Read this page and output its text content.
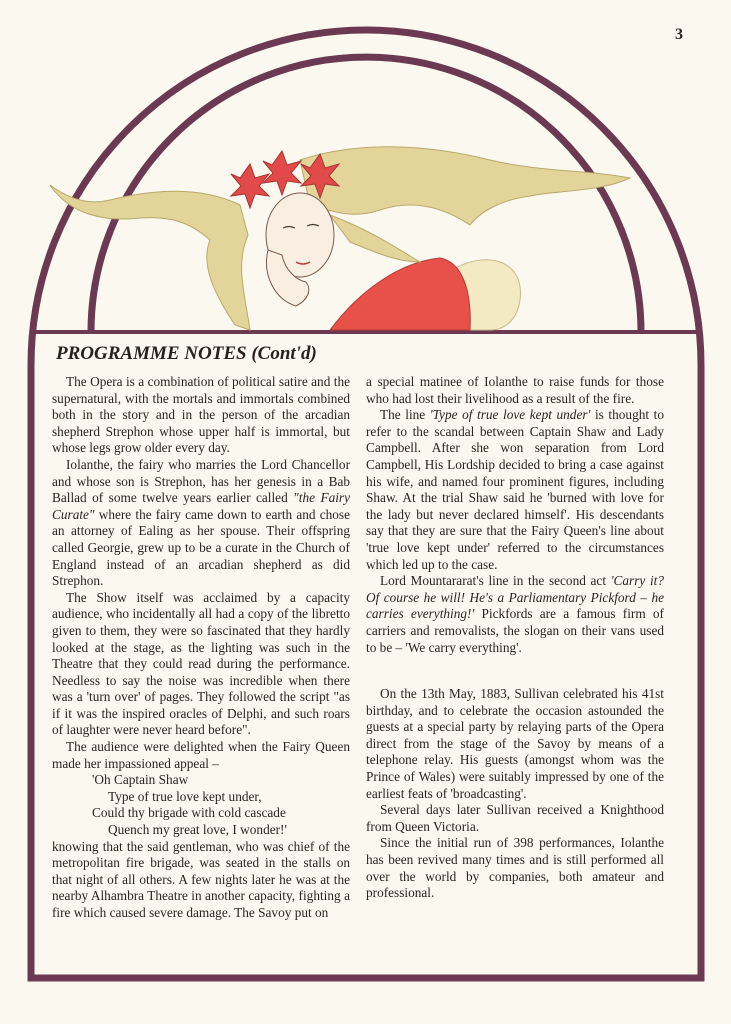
3
PROGRAMME NOTES (Cont'd)

The Opera is a combination of political satire and the supernatural, with the mortals and immortals combined both in the story and in the person of the arcadian shepherd Strephon whose upper half is immortal, but whose legs grow older every day.

Iolanthe, the fairy who marries the Lord Chancellor and whose son is Strephon, has her genesis in a Bab Ballad of some twelve years earlier called "the Fairy Curate" where the fairy came down to earth and chose an attorney of Ealing as her spouse. Their offspring called Georgie, grew up to be a curate in the Church of England instead of an arcadian shepherd as did Strephon.

The Show itself was acclaimed by a capacity audience, who incidentally all had a copy of the libretto given to them, they were so fascinated that they hardly looked at the stage, as the lighting was such in the Theatre that they could read during the performance. Needless to say the noise was incredible when there was a 'turn over' of pages. They followed the script "as if it was the inspired oracles of Delphi, and such roars of laughter were never heard before".

The audience were delighted when the Fairy Queen made her impassioned appeal –

'Oh Captain Shaw
Type of true love kept under,
Could thy brigade with cold cascade
Quench my great love, I wonder!'

knowing that the said gentleman, who was chief of the metropolitan fire brigade, was seated in the stalls on that night of all others. A few nights later he was at the nearby Alhambra Theatre in another capacity, fighting a fire which caused severe damage. The Savoy put on

a special matinee of Iolanthe to raise funds for those who had lost their livelihood as a result of the fire.

The line 'Type of true love kept under' is thought to refer to the scandal between Captain Shaw and Lady Campbell. After she won separation from Lord Campbell, His Lordship decided to bring a case against his wife, and named four prominent figures, including Shaw. At the trial Shaw said he 'burned with love for the lady but never declared himself'. His descendants say that they are sure that the Fairy Queen's line about 'true love kept under' referred to the circumstances which led up to the case.

Lord Mountararat's line in the second act 'Carry it? Of course he will! He's a Parliamentary Pickford – he carries everything!' Pickfords are a famous firm of carriers and removalists, the slogan on their vans used to be – 'We carry everything'.

On the 13th May, 1883, Sullivan celebrated his 41st birthday, and to celebrate the occasion astounded the guests at a special party by relaying parts of the Opera direct from the stage of the Savoy by means of a telephone relay. His guests (amongst whom was the Prince of Wales) were suitably impressed by one of the earliest feats of 'broadcasting'.

Several days later Sullivan received a Knighthood from Queen Victoria.

Since the initial run of 398 performances, Iolanthe has been revived many times and is still performed all over the world by companies, both amateur and professional.
